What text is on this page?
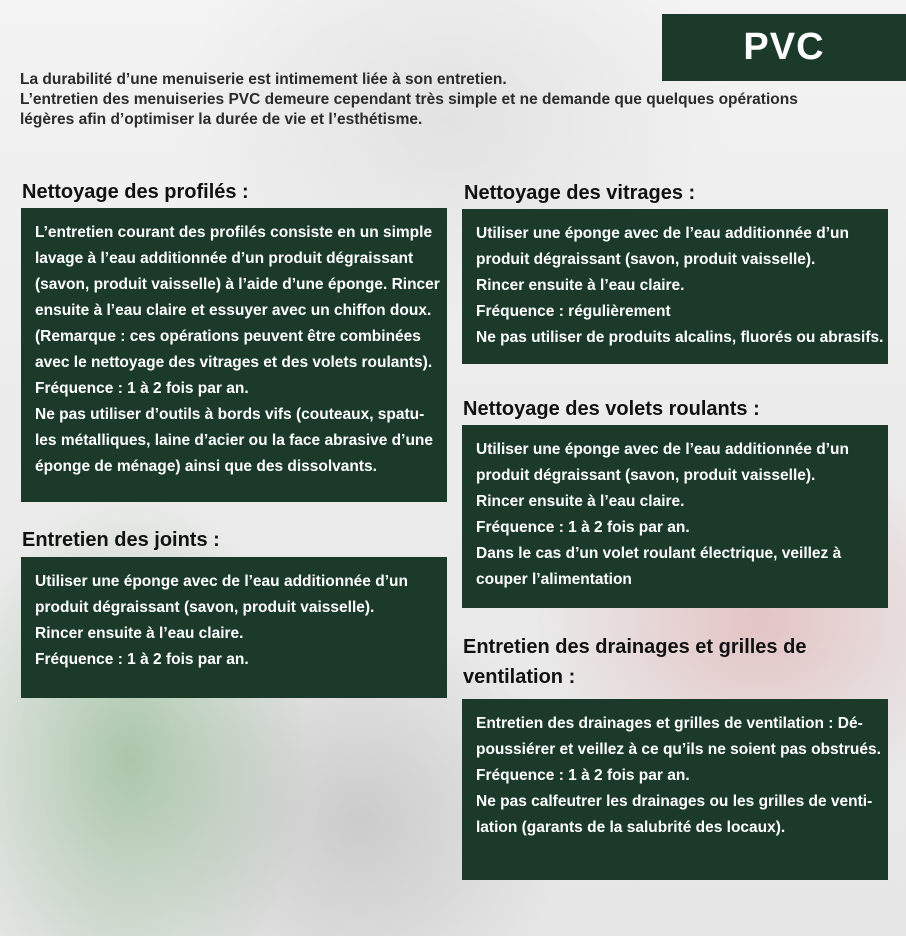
PVC
La durabilité d’une menuiserie est intimement liée à son entretien.
L’entretien des menuiseries PVC demeure cependant très simple et ne demande que quelques opérations
légères afin d’optimiser la durée de vie et l’esthétisme.
Nettoyage des profilés :
L’entretien courant des profilés consiste en un simple
lavage à l’eau additionnée d’un produit dégraissant
(savon, produit vaisselle) à l’aide d’une éponge. Rincer
ensuite à l’eau claire et essuyer avec un chiffon doux.
(Remarque : ces opérations peuvent être combinées
avec le nettoyage des vitrages et des volets roulants).
Fréquence : 1 à 2 fois par an.
Ne pas utiliser d’outils à bords vifs (couteaux, spatu-
les métalliques, laine d’acier ou la face abrasive d’une
éponge de ménage) ainsi que des dissolvants.
Entretien des joints :
Utiliser une éponge avec de l’eau additionnée d’un
produit dégraissant (savon, produit vaisselle).
Rincer ensuite à l’eau claire.
Fréquence : 1 à 2 fois par an.
Nettoyage des vitrages :
Utiliser une éponge avec de l’eau additionnée d’un
produit dégraissant (savon, produit vaisselle).
Rincer ensuite à l’eau claire.
Fréquence : régulièrement
Ne pas utiliser de produits alcalins, fluorés ou abrasifs.
Nettoyage des volets roulants :
Utiliser une éponge avec de l’eau additionnée d’un
produit dégraissant (savon, produit vaisselle).
Rincer ensuite à l’eau claire.
Fréquence : 1 à 2 fois par an.
Dans le cas d’un volet roulant électrique, veillez à
couper l’alimentation
Entretien des drainages et grilles de
ventilation :
Entretien des drainages et grilles de ventilation : Dé-
poussiérer et veillez à ce qu’ils ne soient pas obstrués.
Fréquence : 1 à 2 fois par an.
Ne pas calfeutrer les drainages ou les grilles de venti-
lation (garants de la salubrité des locaux).
